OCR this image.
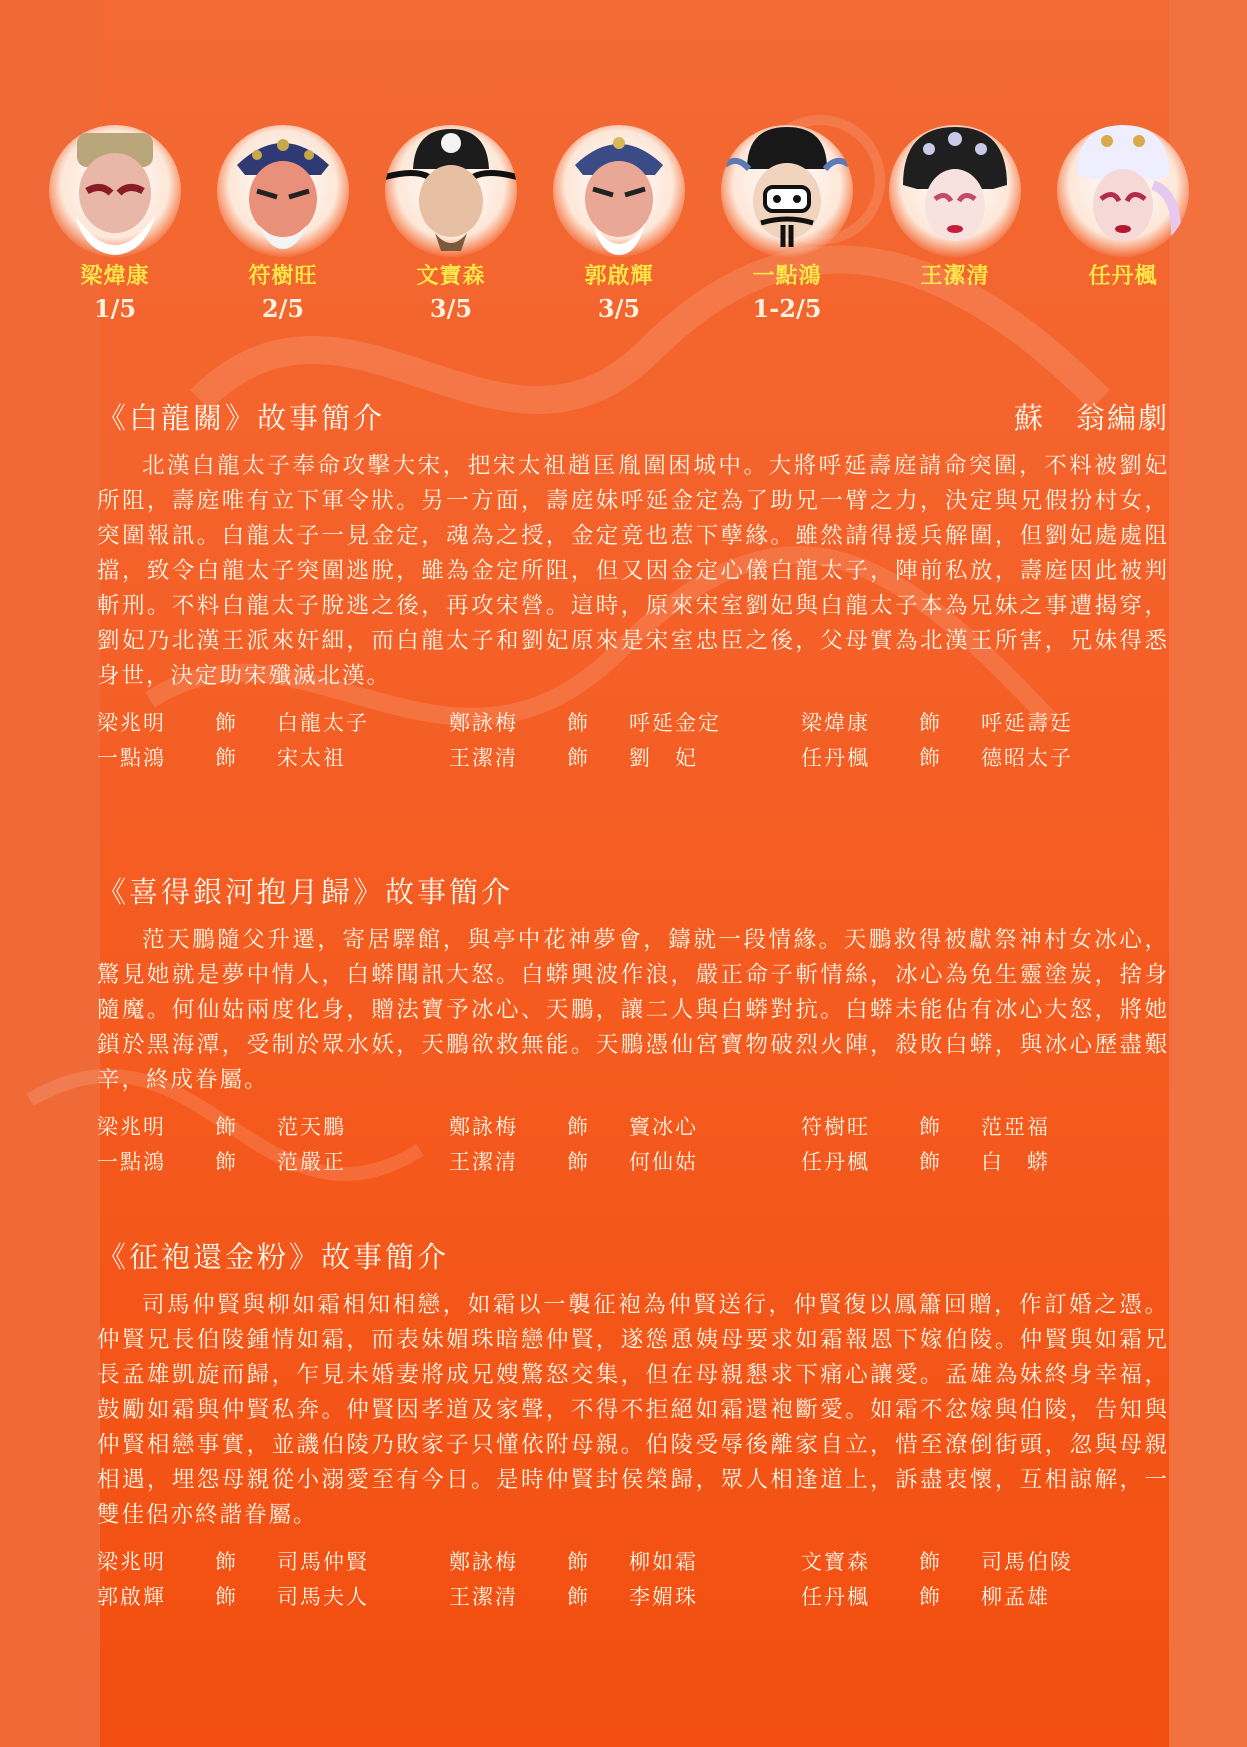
梁煒康
1/5
符樹旺
2/5
文寶森
3/5
郭啟輝
3/5
一點鴻
1-2/5
王潔清	任丹楓
《白龍關》故事簡介	蘇　翁編劇
北漢白龍太子奉命攻擊大宋，把宋太祖趙匡胤圍困城中。大將呼延壽庭請命突圍，不料被劉妃所阻，壽庭唯有立下軍令狀。另一方面，壽庭妹呼延金定為了助兄一臂之力，決定與兄假扮村女，突圍報訊。白龍太子一見金定，魂為之授，金定竟也惹下孽緣。雖然請得援兵解圍，但劉妃處處阻擋，致令白龍太子突圍逃脫，雖為金定所阻，但又因金定心儀白龍太子，陣前私放，壽庭因此被判斬刑。不料白龍太子脫逃之後，再攻宋營。這時，原來宋室劉妃與白龍太子本為兄妹之事遭揭穿，劉妃乃北漢王派來奸細，而白龍太子和劉妃原來是宋室忠臣之後，父母實為北漢王所害，兄妹得悉身世，決定助宋殲滅北漢。
梁兆明	飾	白龍太子	鄭詠梅	飾	呼延金定	梁煒康	飾	呼延壽廷
一點鴻	飾	宋太祖	王潔清	飾	劉　妃	任丹楓	飾	德昭太子
《喜得銀河抱月歸》故事簡介
范天鵬隨父升遷，寄居驛館，與亭中花神夢會，鑄就一段情緣。天鵬救得被獻祭神村女冰心，驚見她就是夢中情人，白蟒聞訊大怒。白蟒興波作浪，嚴正命子斬情絲，冰心為免生靈塗炭，捨身隨魔。何仙姑兩度化身，贈法寶予冰心、天鵬，讓二人與白蟒對抗。白蟒未能佔有冰心大怒，將她鎖於黑海潭，受制於眾水妖，天鵬欲救無能。天鵬憑仙宮寶物破烈火陣，殺敗白蟒，與冰心歷盡艱辛，終成眷屬。
梁兆明	飾	范天鵬	鄭詠梅	飾	竇冰心	符樹旺	飾	范亞福
一點鴻	飾	范嚴正	王潔清	飾	何仙姑	任丹楓	飾	白　蟒
《征袍還金粉》故事簡介
司馬仲賢與柳如霜相知相戀，如霜以一襲征袍為仲賢送行，仲賢復以鳳簫回贈，作訂婚之憑。仲賢兄長伯陵鍾情如霜，而表妹媚珠暗戀仲賢，遂慫恿姨母要求如霜報恩下嫁伯陵。仲賢與如霜兄長孟雄凱旋而歸，乍見未婚妻將成兄嫂驚怒交集，但在母親懇求下痛心讓愛。孟雄為妹終身幸福，鼓勵如霜與仲賢私奔。仲賢因孝道及家聲，不得不拒絕如霜還袍斷愛。如霜不忿嫁與伯陵，告知與仲賢相戀事實，並譏伯陵乃敗家子只懂依附母親。伯陵受辱後離家自立，惜至潦倒街頭，忽與母親相遇，埋怨母親從小溺愛至有今日。是時仲賢封侯榮歸，眾人相逢道上，訴盡衷懷，互相諒解，一雙佳侶亦終諧眷屬。
梁兆明	飾	司馬仲賢	鄭詠梅	飾	柳如霜	文寶森	飾	司馬伯陵
郭啟輝	飾	司馬夫人	王潔清	飾	李媚珠	任丹楓	飾	柳孟雄
